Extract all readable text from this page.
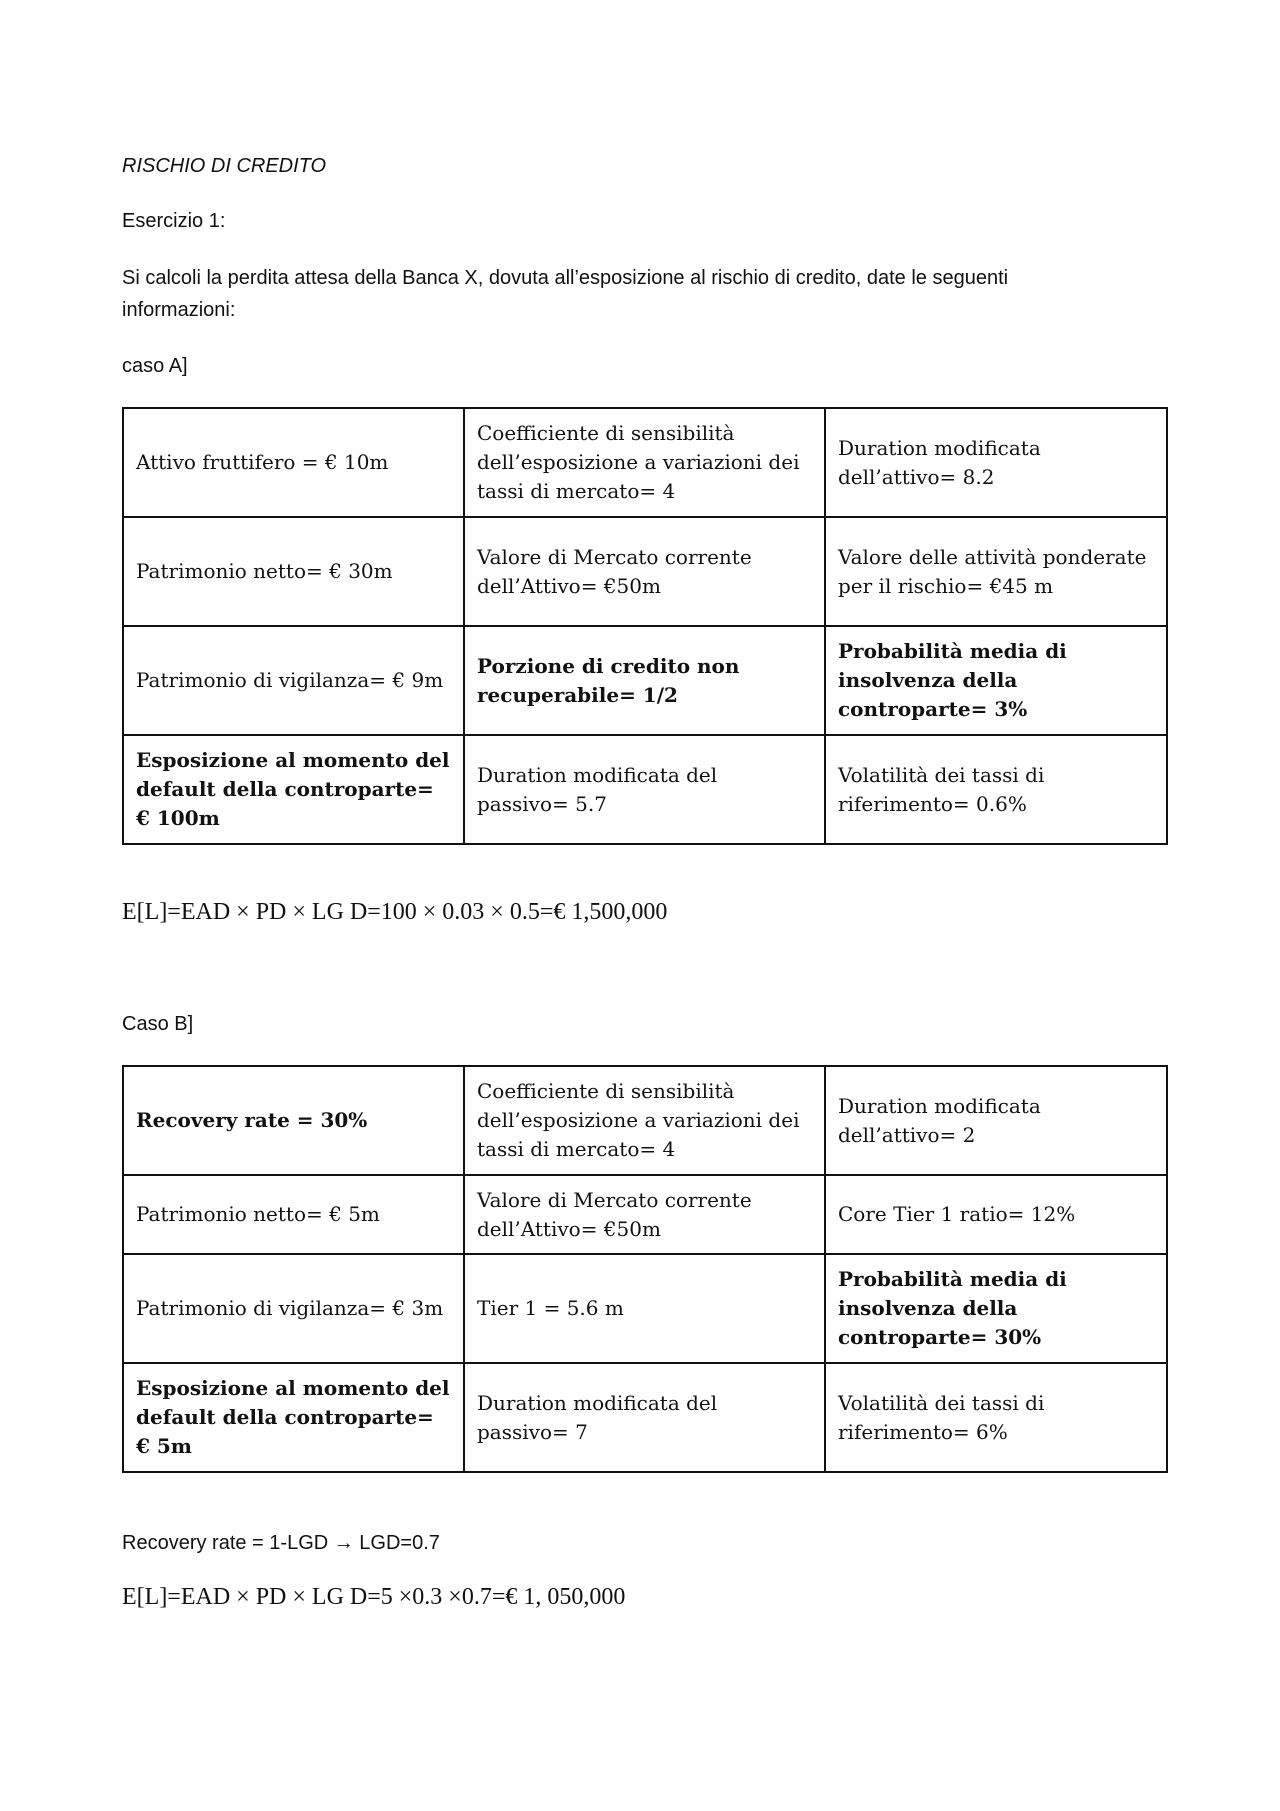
RISCHIO DI CREDITO
Esercizio 1:
Si calcoli la perdita attesa della Banca X, dovuta all’esposizione al rischio di credito, date le seguenti informazioni:
caso A]
Attivo fruttifero = € 10m	Coefficiente di sensibilità dell’esposizione a variazioni dei tassi di mercato= 4	Duration modificata dell’attivo= 8.2
Patrimonio netto= € 30m	Valore di Mercato corrente dell’Attivo= €50m	Valore delle attività ponderate per il rischio= €45 m
Patrimonio di vigilanza= € 9m	Porzione di credito non recuperabile= 1/2	Probabilità media di insolvenza della controparte= 3%
Esposizione al momento del default della controparte= € 100m	Duration modificata del passivo= 5.7	Volatilità dei tassi di riferimento= 0.6%
E[L]=EAD × PD × LG D=100 × 0.03 × 0.5=€ 1,500,000
Caso B]
Recovery rate = 30%	Coefficiente di sensibilità dell’esposizione a variazioni dei tassi di mercato= 4	Duration modificata dell’attivo= 2
Patrimonio netto= € 5m	Valore di Mercato corrente dell’Attivo= €50m	Core Tier 1 ratio= 12%
Patrimonio di vigilanza= € 3m	Tier 1 = 5.6 m	Probabilità media di insolvenza della controparte= 30%
Esposizione al momento del default della controparte= € 5m	Duration modificata del passivo= 7	Volatilità dei tassi di riferimento= 6%
Recovery rate = 1-LGD → LGD=0.7
E[L]=EAD × PD × LG D=5 ×0.3 ×0.7=€ 1, 050,000
